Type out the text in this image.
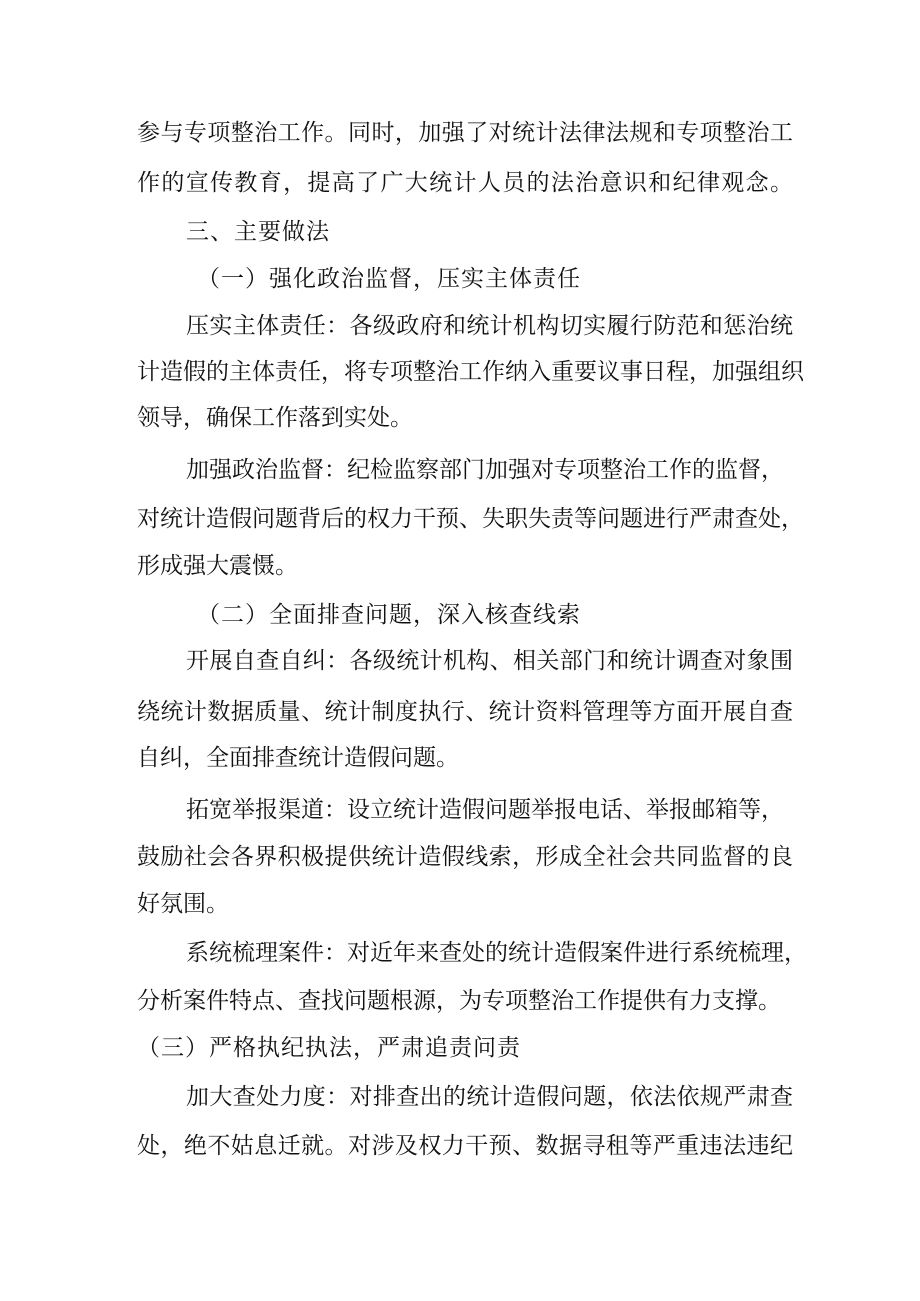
参与专项整治工作。同时，加强了对统计法律法规和专项整治工

作的宣传教育，提高了广大统计人员的法治意识和纪律观念。

三、主要做法

（一）强化政治监督，压实主体责任

压实主体责任：各级政府和统计机构切实履行防范和惩治统

计造假的主体责任，将专项整治工作纳入重要议事日程，加强组织

领导，确保工作落到实处。

加强政治监督：纪检监察部门加强对专项整治工作的监督，

对统计造假问题背后的权力干预、失职失责等问题进行严肃查处，

形成强大震慑。

（二）全面排查问题，深入核查线索

开展自查自纠：各级统计机构、相关部门和统计调查对象围

绕统计数据质量、统计制度执行、统计资料管理等方面开展自查

自纠，全面排查统计造假问题。

拓宽举报渠道：设立统计造假问题举报电话、举报邮箱等，

鼓励社会各界积极提供统计造假线索，形成全社会共同监督的良

好氛围。

系统梳理案件：对近年来查处的统计造假案件进行系统梳理，

分析案件特点、查找问题根源，为专项整治工作提供有力支撑。

（三）严格执纪执法，严肃追责问责

加大查处力度：对排查出的统计造假问题，依法依规严肃查

处，绝不姑息迁就。对涉及权力干预、数据寻租等严重违法违纪
